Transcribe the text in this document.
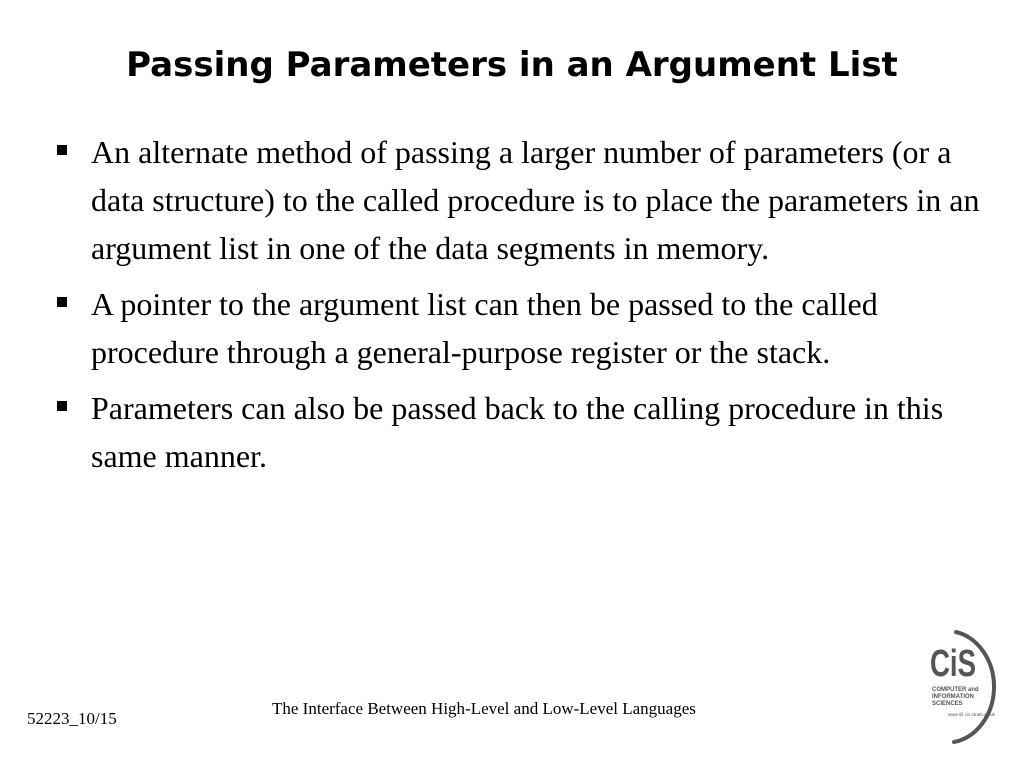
Passing Parameters in an Argument List
An alternate method of passing a larger number of parameters (or a data structure) to the called procedure is to place the parameters in an argument list in one of the data segments in memory.
A pointer to the argument list can then be passed to the called procedure through a general-purpose register or the stack.
Parameters can also be passed back to the calling procedure in this same manner.
52223_10/15
The Interface Between High-Level and Low-Level Languages
CiS
COMPUTER and
INFORMATION
SCIENCES
www @ cis.strath.ac.uk
